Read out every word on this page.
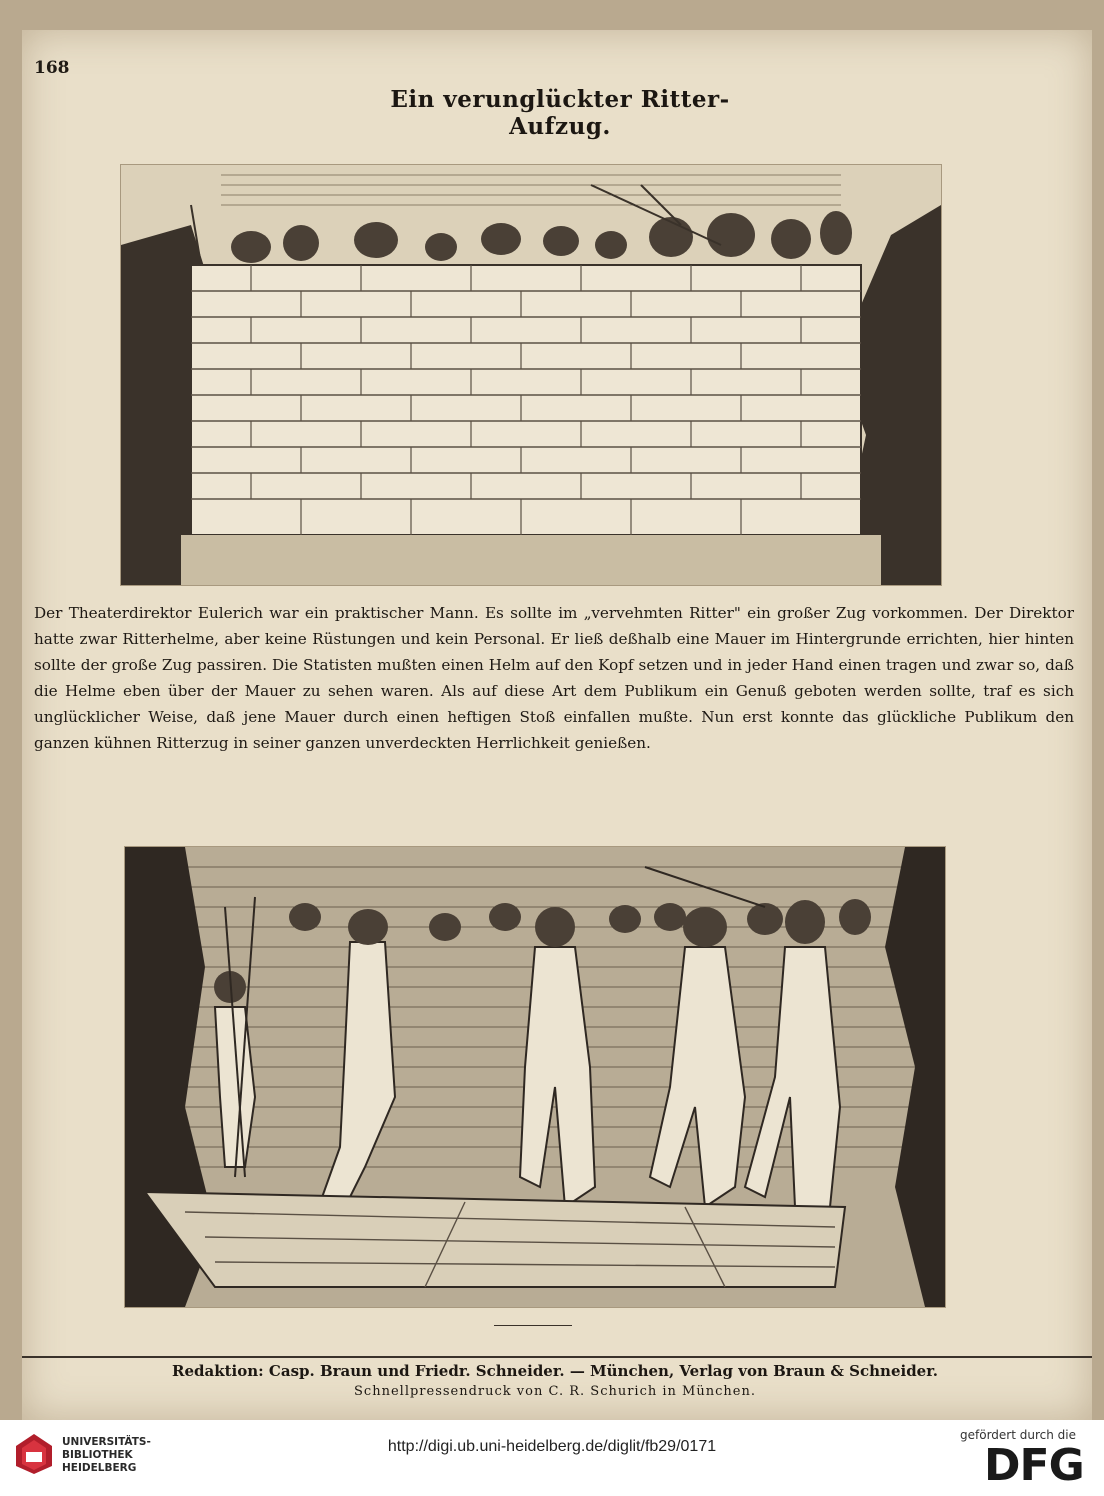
168
Ein verunglückter Ritter-Aufzug.
Der Theaterdirektor Eulerich war ein praktischer Mann. Es sollte im „vervehmten Ritter" ein großer Zug vorkommen. Der Direktor hatte zwar Ritterhelme, aber keine Rüstungen und kein Personal. Er ließ deßhalb eine Mauer im Hintergrunde errichten, hier hinten sollte der große Zug passiren. Die Statisten mußten einen Helm auf den Kopf setzen und in jeder Hand einen tragen und zwar so, daß die Helme eben über der Mauer zu sehen waren. Als auf diese Art dem Publikum ein Genuß geboten werden sollte, traf es sich unglücklicher Weise, daß jene Mauer durch einen heftigen Stoß einfallen mußte. Nun erst konnte das glückliche Publikum den ganzen kühnen Ritterzug in seiner ganzen unverdeckten Herrlichkeit genießen.
Redaktion: Casp. Braun und Friedr. Schneider. — München, Verlag von Braun & Schneider.
Schnellpressendruck von C. R. Schurich in München.
UNIVERSITÄTS-
BIBLIOTHEK
HEIDELBERG
http://digi.ub.uni-heidelberg.de/diglit/fb29/0171
gefördert durch die
DFG
